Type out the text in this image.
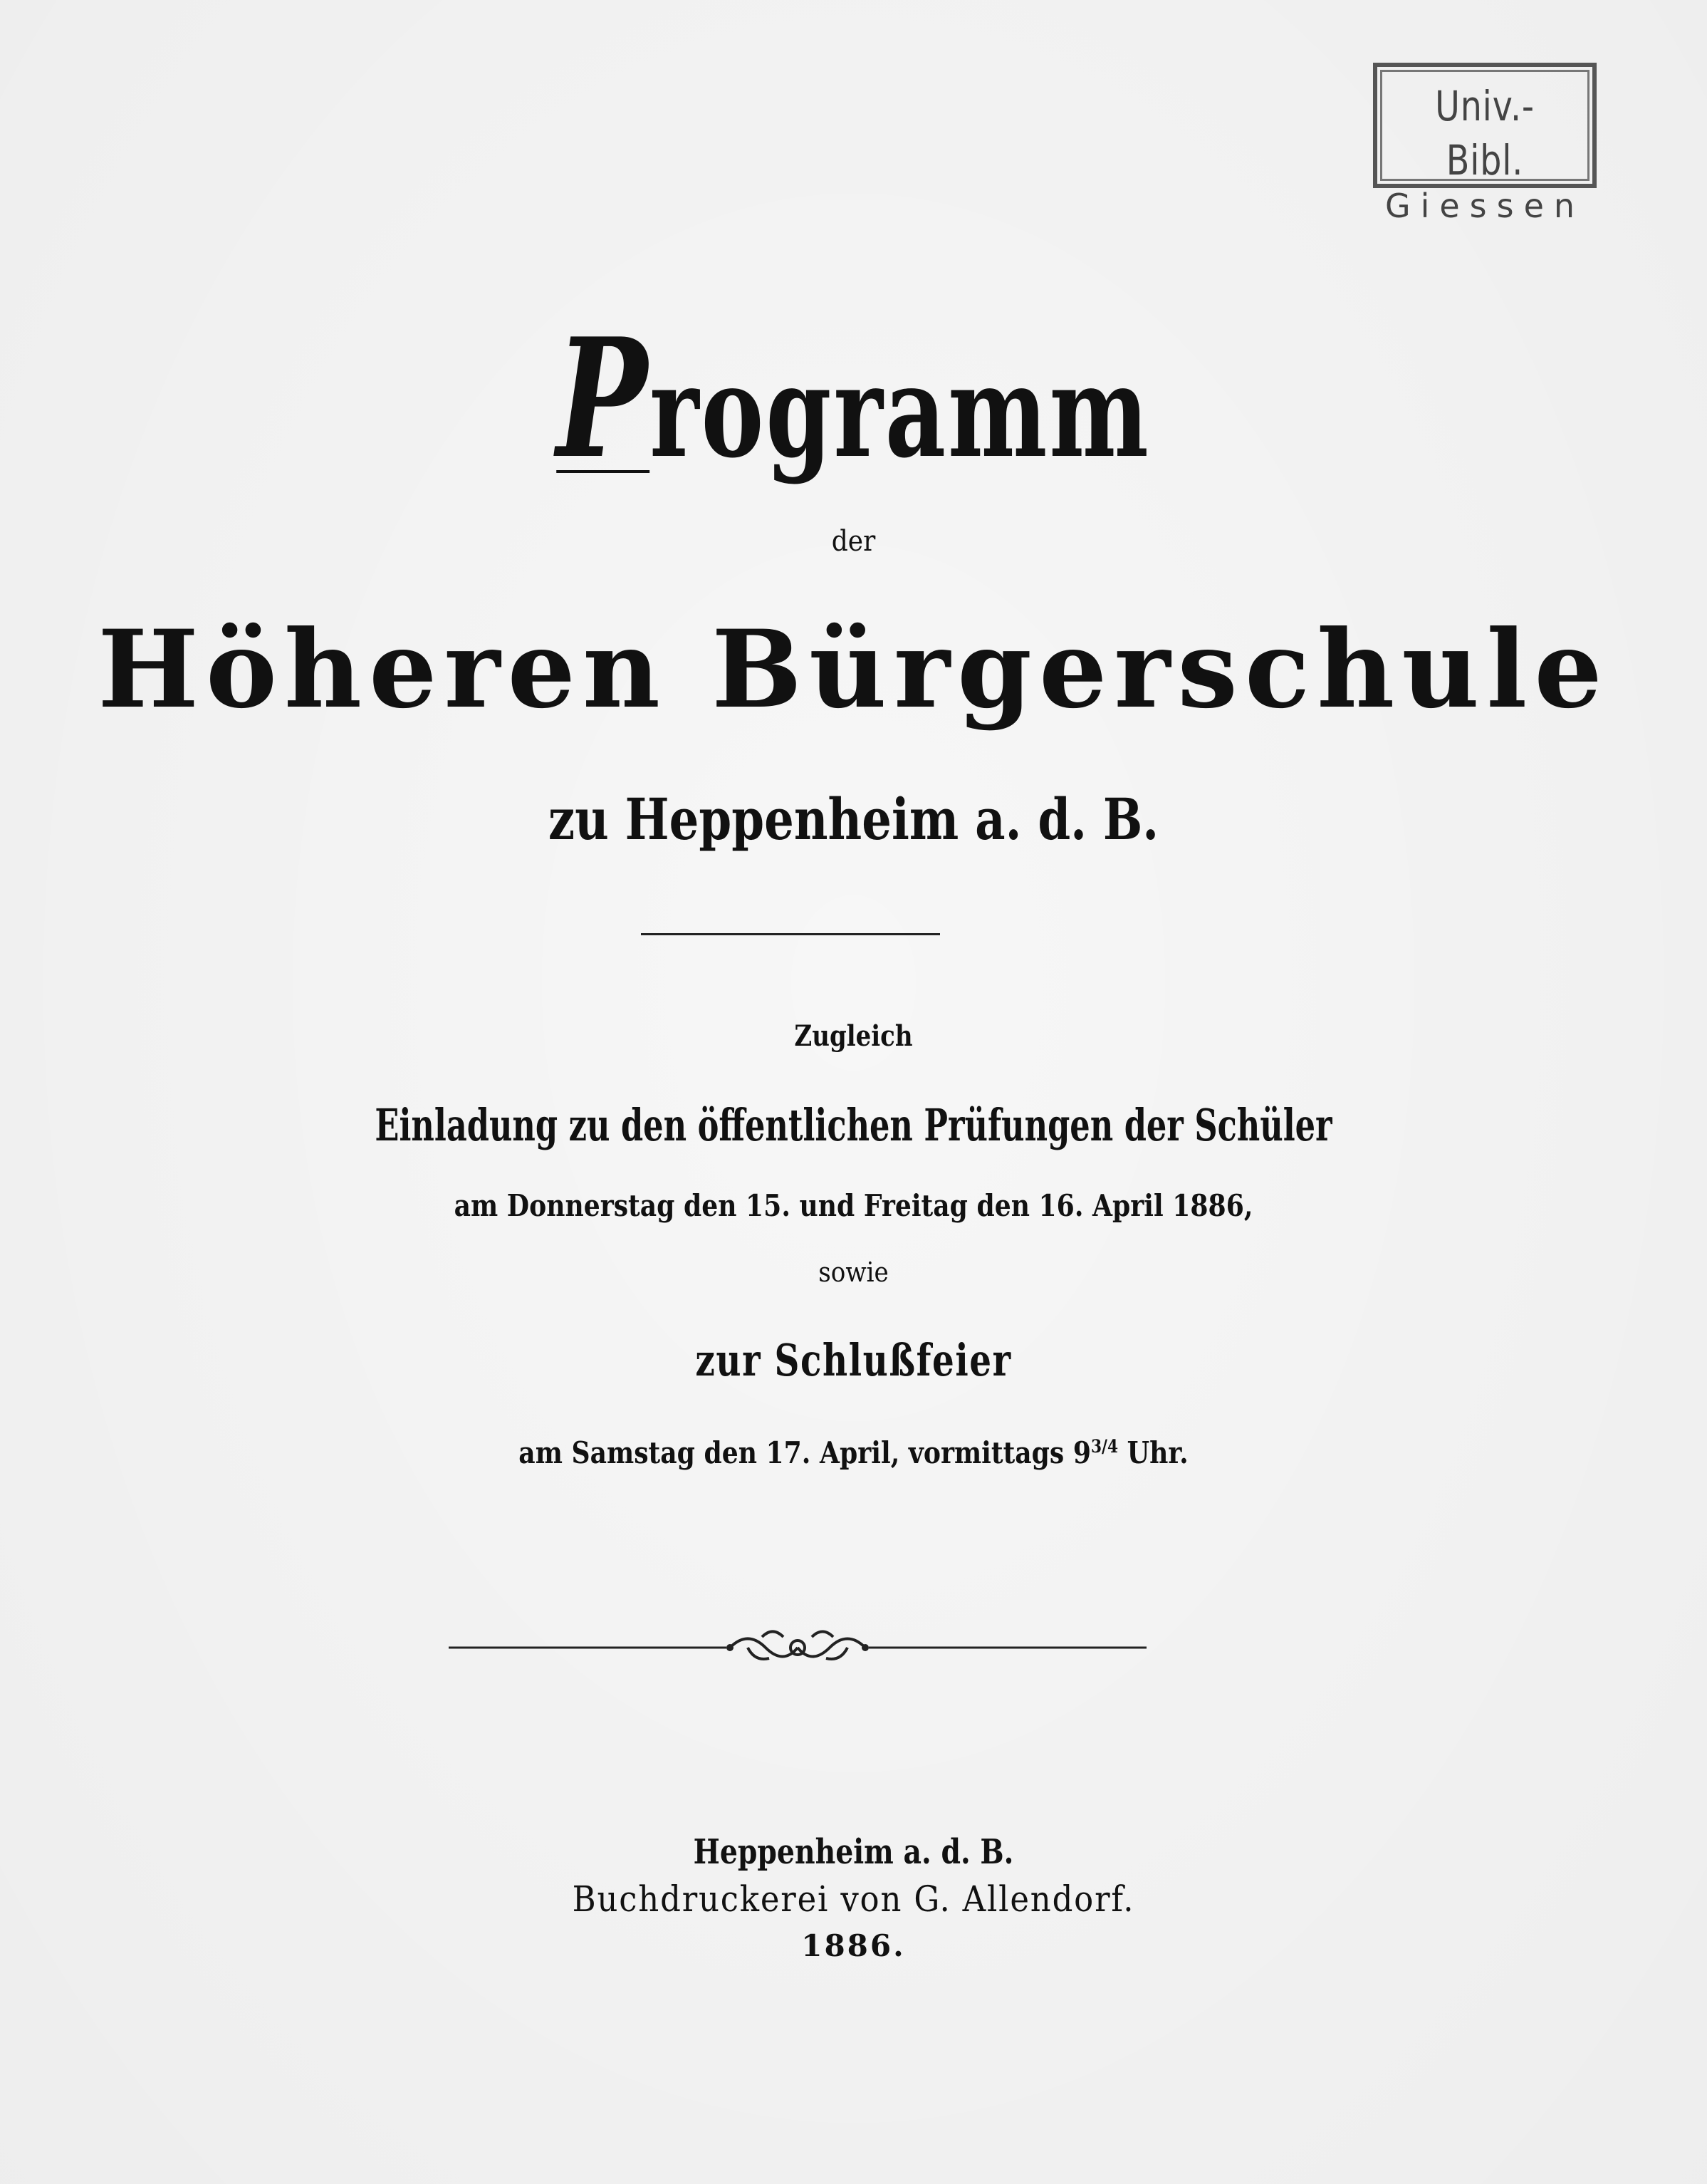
Univ.-Bibl.
Giessen
Programm
der
Höheren Bürgerschule
zu Heppenheim a. d. B.
Zugleich
Einladung zu den öffentlichen Prüfungen der Schüler
am Donnerstag den 15. und Freitag den 16. April 1886,
sowie
zur Schlußfeier
am Samstag den 17. April, vormittags $9^{3/4}$ Uhr.
Heppenheim a. d. B.
Buchdruckerei von G. Allendorf.
1886.
